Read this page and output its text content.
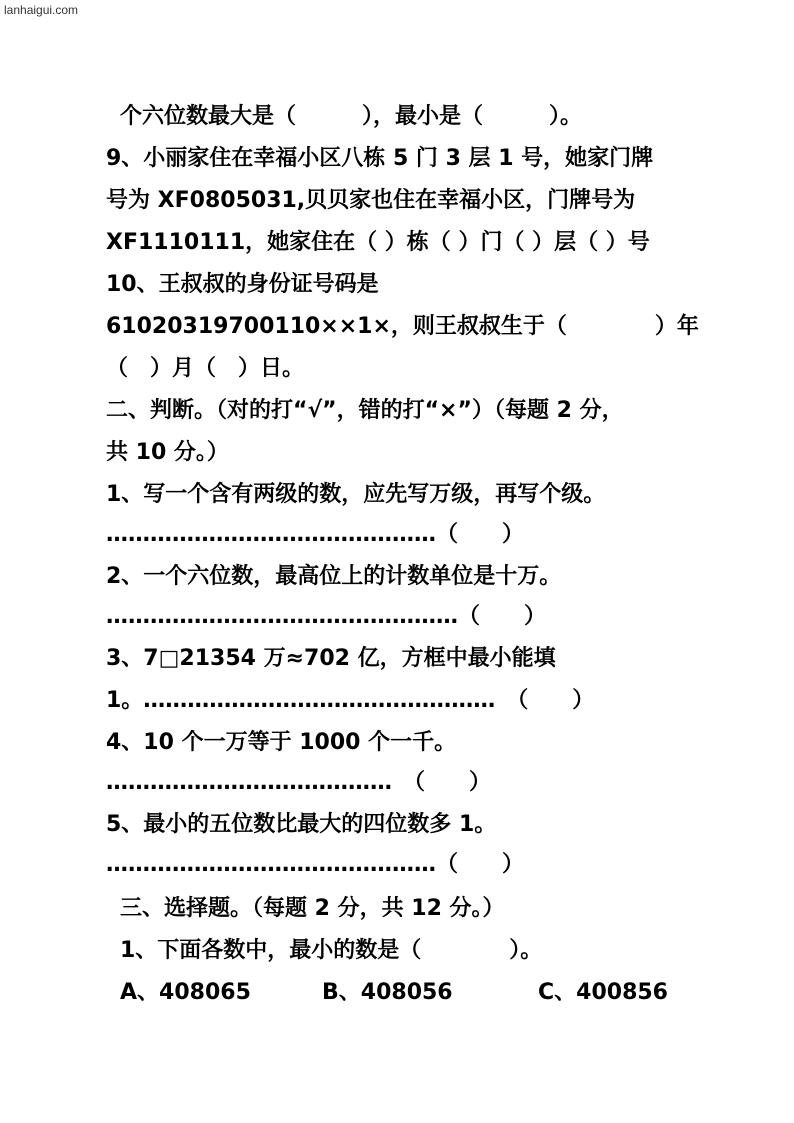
lanhaigui.com
个六位数最大是（　　　），最小是（　　　）。
9、小丽家住在幸福小区八栋 5 门 3 层 1 号，她家门牌
号为 XF0805031,贝贝家也住在幸福小区，门牌号为
XF1110111，她家住在（ ）栋（ ）门（ ）层（ ）号
10、王叔叔的身份证号码是
61020319700110××1×，则王叔叔生于（　　　　）年
（　）月（　）日。
二、判断。（对的打“√”，错的打“×”）（每题 2 分，
共 10 分。）
1、写一个含有两级的数，应先写万级，再写个级。
………………………………………（　　）
2、一个六位数，最高位上的计数单位是十万。
…………………………………………（　　）
3、7□21354 万≈702 亿，方框中最小能填
1。…………………………………………　（　　）
4、10 个一万等于 1000 个一千。
…………………………………　（　　）
5、最小的五位数比最大的四位数多 1。
………………………………………（　　）
三、选择题。（每题 2 分，共 12 分。）
1、下面各数中，最小的数是（　　　　）。
A、408065	B、408056	C、400856
